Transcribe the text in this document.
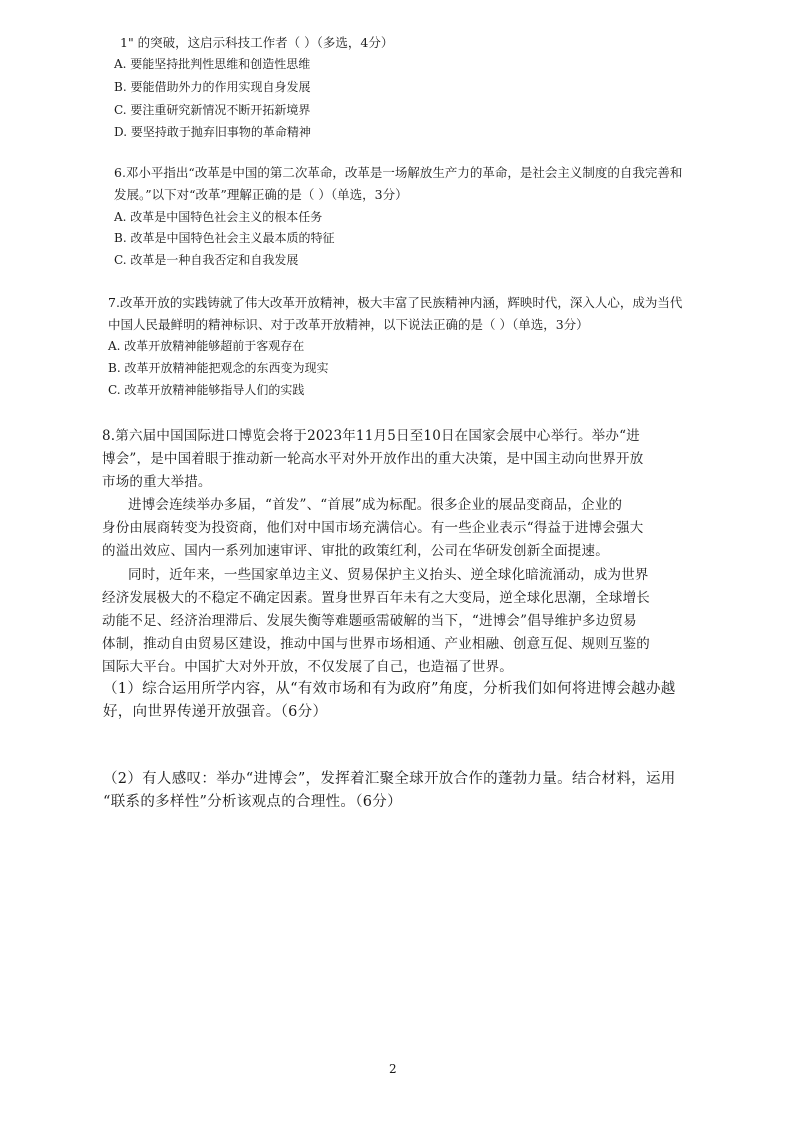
1" 的突破，这启示科技工作者（ ）（多选，4分）
A. 要能坚持批判性思维和创造性思维
B. 要能借助外力的作用实现自身发展
C. 要注重研究新情况不断开拓新境界
D. 要坚持敢于抛弃旧事物的革命精神
6.邓小平指出“改革是中国的第二次革命，改革是一场解放生产力的革命，是社会主义制度的自我完善和
发展。”以下对“改革”理解正确的是（ ）（单选，3分）
A. 改革是中国特色社会主义的根本任务
B. 改革是中国特色社会主义最本质的特征
C. 改革是一种自我否定和自我发展
7.改革开放的实践铸就了伟大改革开放精神，极大丰富了民族精神内涵，辉映时代，深入人心，成为当代
中国人民最鲜明的精神标识、对于改革开放精神，以下说法正确的是（ ）（单选，3分）
A. 改革开放精神能够超前于客观存在
B. 改革开放精神能把观念的东西变为现实
C. 改革开放精神能够指导人们的实践
8.第六届中国国际进口博览会将于2023年11月5日至10日在国家会展中心举行。举办“进
博会”，是中国着眼于推动新一轮高水平对外开放作出的重大决策，是中国主动向世界开放
市场的重大举措。
进博会连续举办多届，“首发”、“首展”成为标配。很多企业的展品变商品，企业的
身份由展商转变为投资商，他们对中国市场充满信心。有一些企业表示“得益于进博会强大
的溢出效应、国内一系列加速审评、审批的政策红利，公司在华研发创新全面提速。
同时，近年来，一些国家单边主义、贸易保护主义抬头、逆全球化暗流涌动，成为世界
经济发展极大的不稳定不确定因素。置身世界百年未有之大变局，逆全球化思潮，全球增长
动能不足、经济治理滞后、发展失衡等难题亟需破解的当下，“进博会”倡导维护多边贸易
体制，推动自由贸易区建设，推动中国与世界市场相通、产业相融、创意互促、规则互鉴的
国际大平台。中国扩大对外开放，不仅发展了自己，也造福了世界。
（1）综合运用所学内容，从“有效市场和有为政府”角度，分析我们如何将进博会越办越
好，向世界传递开放强音。（6分）
（2）有人感叹：举办“进博会”，发挥着汇聚全球开放合作的蓬勃力量。结合材料，运用
“联系的多样性”分析该观点的合理性。（6分）
2
